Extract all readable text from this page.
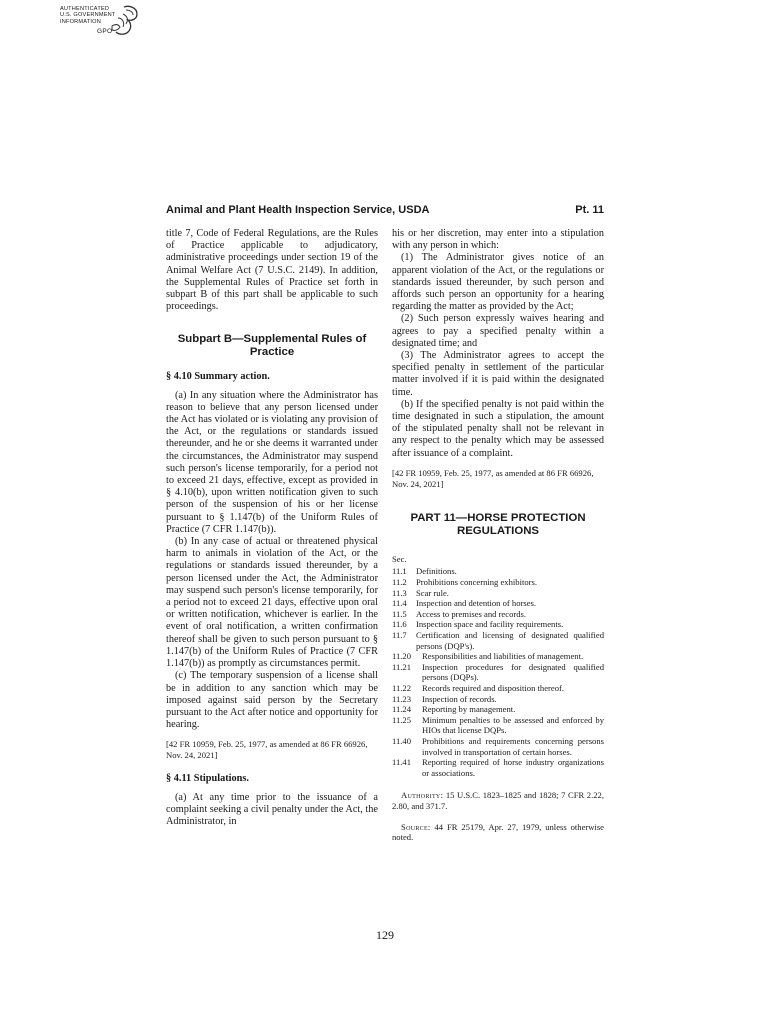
AUTHENTICATED
U.S. GOVERNMENT
INFORMATION
GPO
Animal and Plant Health Inspection Service, USDA	Pt. 11

title 7, Code of Federal Regulations, are the Rules of Practice applicable to adjudicatory, administrative proceedings under section 19 of the Animal Welfare Act (7 U.S.C. 2149). In addition, the Supplemental Rules of Practice set forth in subpart B of this part shall be applicable to such proceedings.

Subpart B—Supplemental Rules of Practice
§ 4.10 Summary action.

(a) In any situation where the Administrator has reason to believe that any person licensed under the Act has violated or is violating any provision of the Act, or the regulations or standards issued thereunder, and he or she deems it warranted under the circumstances, the Administrator may suspend such person's license temporarily, for a period not to exceed 21 days, effective, except as provided in § 4.10(b), upon written notification given to such person of the suspension of his or her license pursuant to § 1.147(b) of the Uniform Rules of Practice (7 CFR 1.147(b)).

(b) In any case of actual or threatened physical harm to animals in violation of the Act, or the regulations or standards issued thereunder, by a person licensed under the Act, the Administrator may suspend such person's license temporarily, for a period not to exceed 21 days, effective upon oral or written notification, whichever is earlier. In the event of oral notification, a written confirmation thereof shall be given to such person pursuant to § 1.147(b) of the Uniform Rules of Practice (7 CFR 1.147(b)) as promptly as circumstances permit.

(c) The temporary suspension of a license shall be in addition to any sanction which may be imposed against said person by the Secretary pursuant to the Act after notice and opportunity for hearing.

[42 FR 10959, Feb. 25, 1977, as amended at 86 FR 66926, Nov. 24, 2021]

§ 4.11 Stipulations.

(a) At any time prior to the issuance of a complaint seeking a civil penalty under the Act, the Administrator, in

his or her discretion, may enter into a stipulation with any person in which:

(1) The Administrator gives notice of an apparent violation of the Act, or the regulations or standards issued thereunder, by such person and affords such person an opportunity for a hearing regarding the matter as provided by the Act;

(2) Such person expressly waives hearing and agrees to pay a specified penalty within a designated time; and

(3) The Administrator agrees to accept the specified penalty in settlement of the particular matter involved if it is paid within the designated time.

(b) If the specified penalty is not paid within the time designated in such a stipulation, the amount of the stipulated penalty shall not be relevant in any respect to the penalty which may be assessed after issuance of a complaint.

[42 FR 10959, Feb. 25, 1977, as amended at 86 FR 66926, Nov. 24, 2021]

PART 11—HORSE PROTECTION REGULATIONS
Sec.
11.1 Definitions.
11.2 Prohibitions concerning exhibitors.
11.3 Scar rule.
11.4 Inspection and detention of horses.
11.5 Access to premises and records.
11.6 Inspection space and facility requirements.
11.7 Certification and licensing of designated qualified persons (DQP's).
11.20 Responsibilities and liabilities of management.
11.21 Inspection procedures for designated qualified persons (DQPs).
11.22 Records required and disposition thereof.
11.23 Inspection of records.
11.24 Reporting by management.
11.25 Minimum penalties to be assessed and enforced by HIOs that license DQPs.
11.40 Prohibitions and requirements concerning persons involved in transportation of certain horses.
11.41 Reporting required of horse industry organizations or associations.

Authority: 15 U.S.C. 1823–1825 and 1828; 7 CFR 2.22, 2.80, and 371.7.

Source: 44 FR 25179, Apr. 27, 1979, unless otherwise noted.

129
